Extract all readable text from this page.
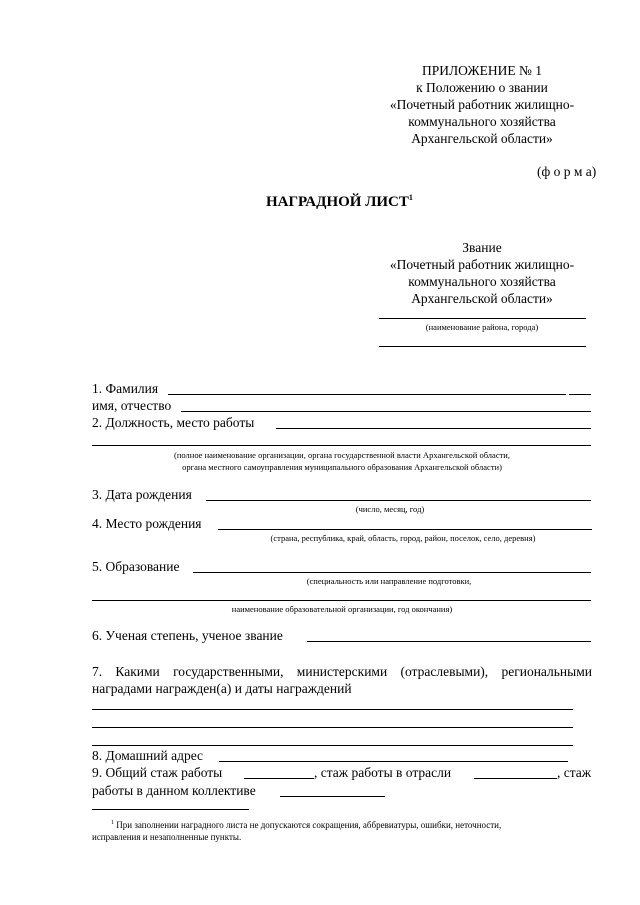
ПРИЛОЖЕНИЕ № 1
к Положению о звании
«Почетный работник жилищно-
коммунального хозяйства
Архангельской области»
(ф о р м а)
НАГРАДНОЙ ЛИСТ$^1$
Звание
«Почетный работник жилищно-
коммунального хозяйства
Архангельской области»
(наименование района, города)
1. Фамилия
имя, отчество
2. Должность, место работы
(полное наименование организации, органа государственной власти Архангельской области,
органа местного самоуправления муниципального образования Архангельской области)
3. Дата рождения
(число, месяц, год)
4. Место рождения
(страна, республика, край, область, город, район, поселок, село, деревня)
5. Образование
(специальность или направление подготовки,
наименование образовательной организации, год окончания)
6. Ученая степень, ученое звание
7. Какими государственными, министерскими (отраслевыми), региональными
наградами награжден(а) и даты награждений
8. Домашний адрес
9. Общий стаж работы	, стаж работы в отрасли	, стаж
работы в данном коллективе
$^1$ При заполнении наградного листа не допускаются сокращения, аббревиатуры, ошибки, неточности,
исправления и незаполненные пункты.
